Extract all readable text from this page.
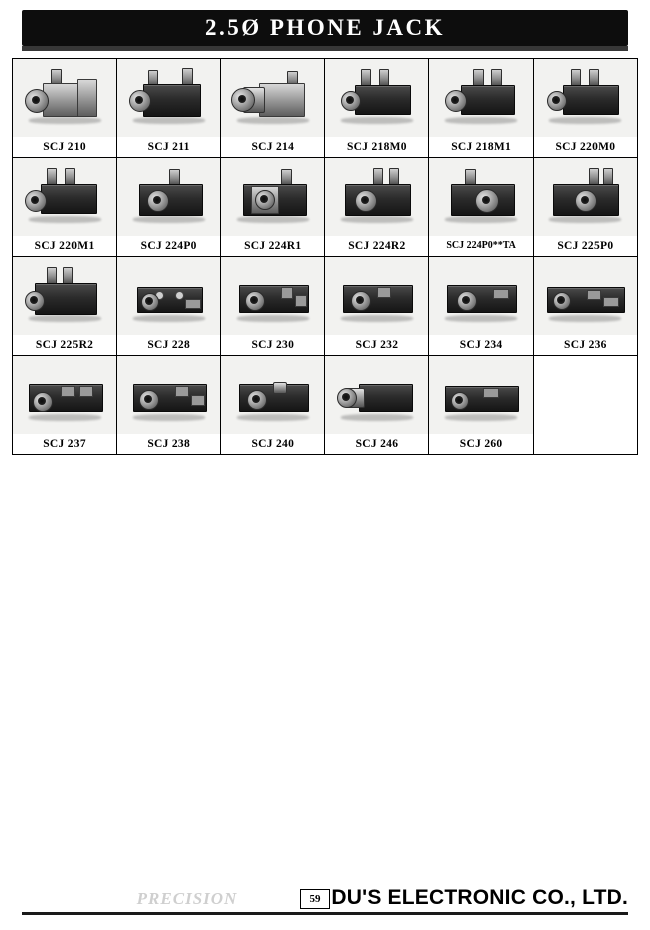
2.5Ø PHONE JACK
SCJ 210	SCJ 211	SCJ 214	SCJ 218M0	SCJ 218M1	SCJ 220M0

SCJ 220M1	SCJ 224P0	SCJ 224R1	SCJ 224R2	SCJ 224P0**TA	SCJ 225P0

SCJ 225R2	SCJ 228	SCJ 230	SCJ 232	SCJ 234	SCJ 236

SCJ 237	SCJ 238	SCJ 240	SCJ 246	SCJ 260	

PRECISION	59 DU'S ELECTRONIC CO., LTD.
